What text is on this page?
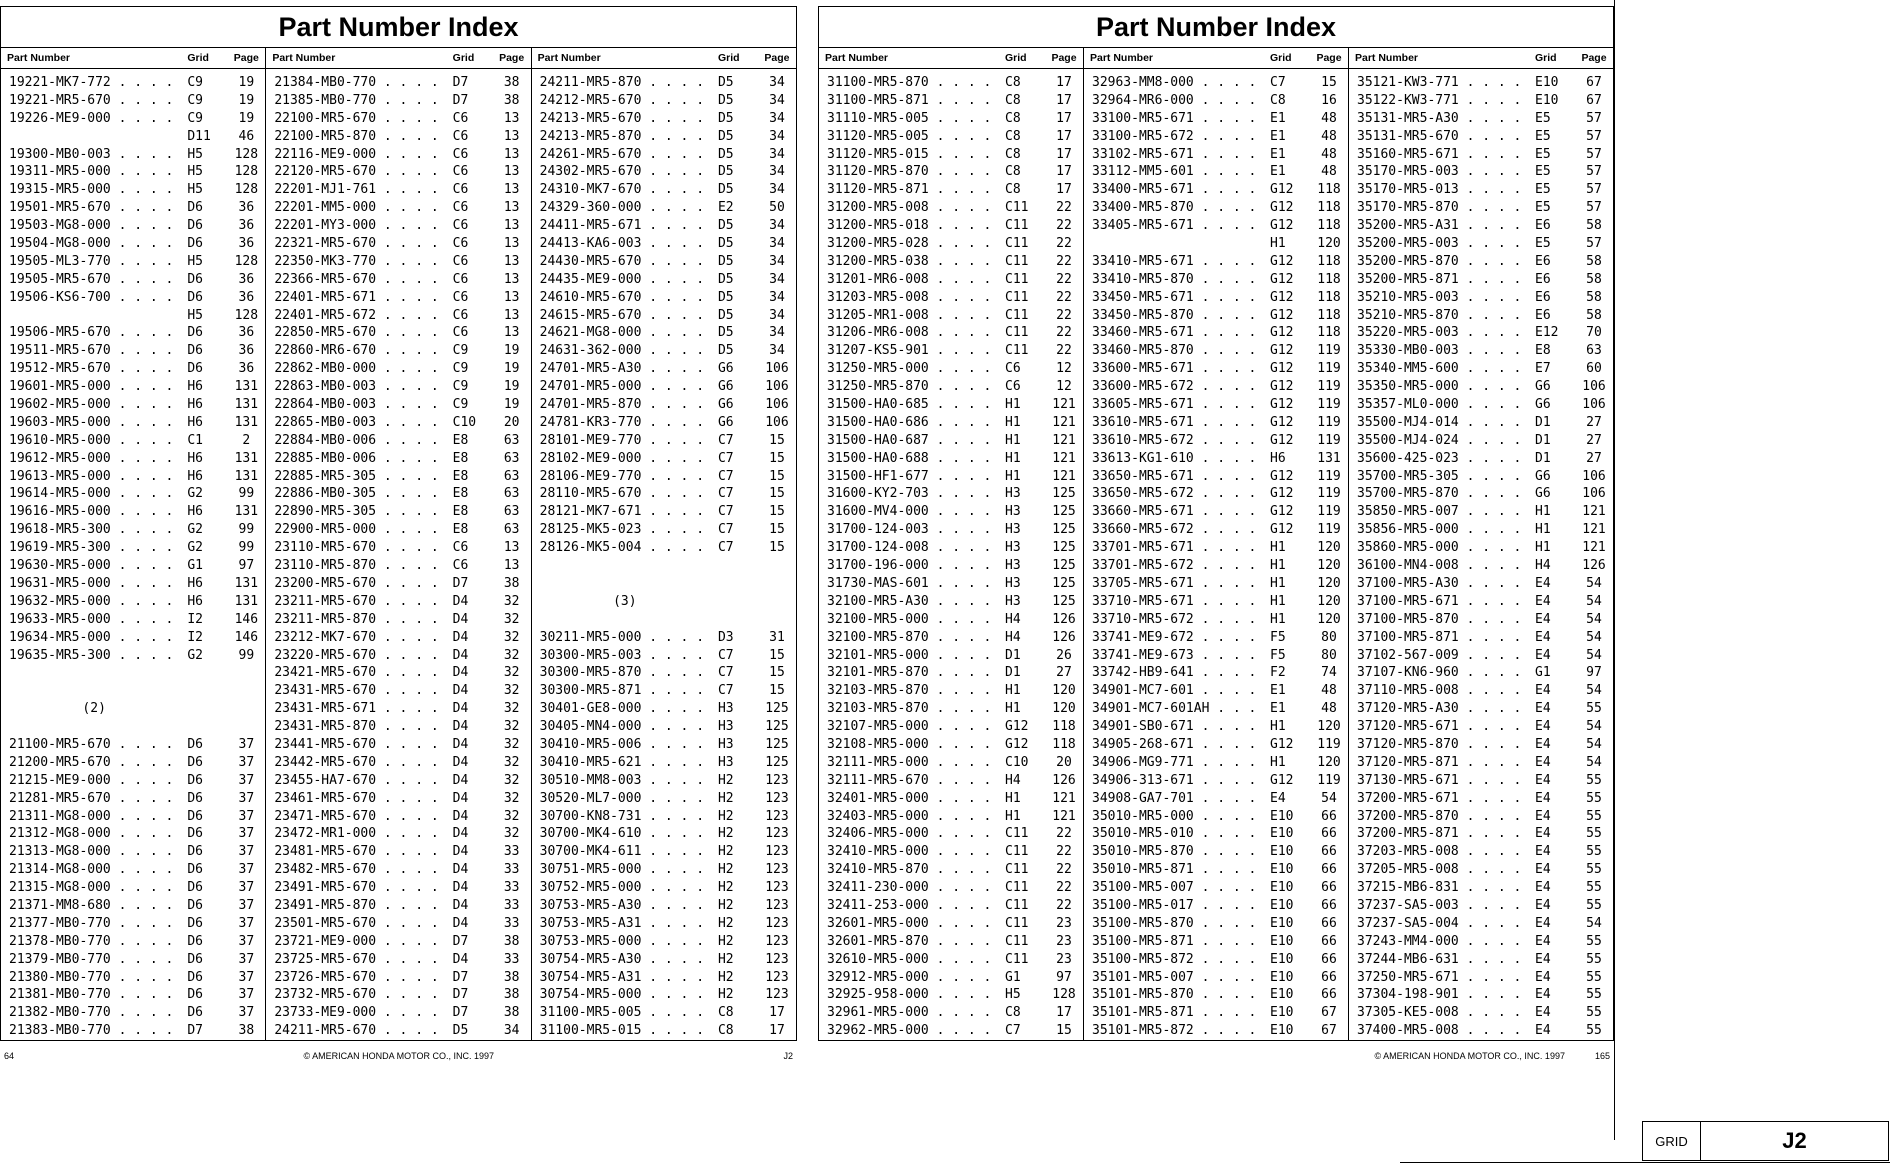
Part Number Index
Part Number	Grid	Page
19221-MK7-772 . . . .	C9	19
19221-MR5-670 . . . .	C9	19
19226-ME9-000 . . . .	C9	19
D11	46
19300-MB0-003 . . . .	H5	128
19311-MR5-000 . . . .	H5	128
19315-MR5-000 . . . .	H5	128
19501-MR5-670 . . . .	D6	36
19503-MG8-000 . . . .	D6	36
19504-MG8-000 . . . .	D6	36
19505-ML3-770 . . . .	H5	128
19505-MR5-670 . . . .	D6	36
19506-KS6-700 . . . .	D6	36
H5	128
19506-MR5-670 . . . .	D6	36
19511-MR5-670 . . . .	D6	36
19512-MR5-670 . . . .	D6	36
19601-MR5-000 . . . .	H6	131
19602-MR5-000 . . . .	H6	131
19603-MR5-000 . . . .	H6	131
19610-MR5-000 . . . .	C1	2
19612-MR5-000 . . . .	H6	131
19613-MR5-000 . . . .	H6	131
19614-MR5-000 . . . .	G2	99
19616-MR5-000 . . . .	H6	131
19618-MR5-300 . . . .	G2	99
19619-MR5-300 . . . .	G2	99
19630-MR5-000 . . . .	G1	97
19631-MR5-000 . . . .	H6	131
19632-MR5-000 . . . .	H6	131
19633-MR5-000 . . . .	I2	146
19634-MR5-000 . . . .	I2	146
19635-MR5-300 . . . .	G2	99
(2)
21100-MR5-670 . . . .	D6	37
21200-MR5-670 . . . .	D6	37
21215-ME9-000 . . . .	D6	37
21281-MR5-670 . . . .	D6	37
21311-MG8-000 . . . .	D6	37
21312-MG8-000 . . . .	D6	37
21313-MG8-000 . . . .	D6	37
21314-MG8-000 . . . .	D6	37
21315-MG8-000 . . . .	D6	37
21371-MM8-680 . . . .	D6	37
21377-MB0-770 . . . .	D6	37
21378-MB0-770 . . . .	D6	37
21379-MB0-770 . . . .	D6	37
21380-MB0-770 . . . .	D6	37
21381-MB0-770 . . . .	D6	37
21382-MB0-770 . . . .	D6	37
21383-MB0-770 . . . .	D7	38
Part Number	Grid	Page
21384-MB0-770 . . . .	D7	38
21385-MB0-770 . . . .	D7	38
22100-MR5-670 . . . .	C6	13
22100-MR5-870 . . . .	C6	13
22116-ME9-000 . . . .	C6	13
22120-MR5-670 . . . .	C6	13
22201-MJ1-761 . . . .	C6	13
22201-MM5-000 . . . .	C6	13
22201-MY3-000 . . . .	C6	13
22321-MR5-670 . . . .	C6	13
22350-MK3-770 . . . .	C6	13
22366-MR5-670 . . . .	C6	13
22401-MR5-671 . . . .	C6	13
22401-MR5-672 . . . .	C6	13
22850-MR5-670 . . . .	C6	13
22860-MR6-670 . . . .	C9	19
22862-MB0-000 . . . .	C9	19
22863-MB0-003 . . . .	C9	19
22864-MB0-003 . . . .	C9	19
22865-MB0-003 . . . .	C10	20
22884-MB0-006 . . . .	E8	63
22885-MB0-006 . . . .	E8	63
22885-MR5-305 . . . .	E8	63
22886-MB0-305 . . . .	E8	63
22890-MR5-305 . . . .	E8	63
22900-MR5-000 . . . .	E8	63
23110-MR5-670 . . . .	C6	13
23110-MR5-870 . . . .	C6	13
23200-MR5-670 . . . .	D7	38
23211-MR5-670 . . . .	D4	32
23211-MR5-870 . . . .	D4	32
23212-MK7-670 . . . .	D4	32
23220-MR5-670 . . . .	D4	32
23421-MR5-670 . . . .	D4	32
23431-MR5-670 . . . .	D4	32
23431-MR5-671 . . . .	D4	32
23431-MR5-870 . . . .	D4	32
23441-MR5-670 . . . .	D4	32
23442-MR5-670 . . . .	D4	32
23455-HA7-670 . . . .	D4	32
23461-MR5-670 . . . .	D4	32
23471-MR5-670 . . . .	D4	32
23472-MR1-000 . . . .	D4	32
23481-MR5-670 . . . .	D4	33
23482-MR5-670 . . . .	D4	33
23491-MR5-670 . . . .	D4	33
23491-MR5-870 . . . .	D4	33
23501-MR5-670 . . . .	D4	33
23721-ME9-000 . . . .	D7	38
23725-MR5-670 . . . .	D4	33
23726-MR5-670 . . . .	D7	38
23732-MR5-670 . . . .	D7	38
23733-ME9-000 . . . .	D7	38
24211-MR5-670 . . . .	D5	34
Part Number	Grid	Page
24211-MR5-870 . . . .	D5	34
24212-MR5-670 . . . .	D5	34
24213-MR5-670 . . . .	D5	34
24213-MR5-870 . . . .	D5	34
24261-MR5-670 . . . .	D5	34
24302-MR5-670 . . . .	D5	34
24310-MK7-670 . . . .	D5	34
24329-360-000 . . . .	E2	50
24411-MR5-671 . . . .	D5	34
24413-KA6-003 . . . .	D5	34
24430-MR5-670 . . . .	D5	34
24435-ME9-000 . . . .	D5	34
24610-MR5-670 . . . .	D5	34
24615-MR5-670 . . . .	D5	34
24621-MG8-000 . . . .	D5	34
24631-362-000 . . . .	D5	34
24701-MR5-A30 . . . .	G6	106
24701-MR5-000 . . . .	G6	106
24701-MR5-870 . . . .	G6	106
24781-KR3-770 . . . .	G6	106
28101-ME9-770 . . . .	C7	15
28102-ME9-000 . . . .	C7	15
28106-ME9-770 . . . .	C7	15
28110-MR5-670 . . . .	C7	15
28121-MK7-671 . . . .	C7	15
28125-MK5-023 . . . .	C7	15
28126-MK5-004 . . . .	C7	15
(3)
30211-MR5-000 . . . .	D3	31
30300-MR5-003 . . . .	C7	15
30300-MR5-870 . . . .	C7	15
30300-MR5-871 . . . .	C7	15
30401-GE8-000 . . . .	H3	125
30405-MN4-000 . . . .	H3	125
30410-MR5-006 . . . .	H3	125
30410-MR5-621 . . . .	H3	125
30510-MM8-003 . . . .	H2	123
30520-ML7-000 . . . .	H2	123
30700-KN8-731 . . . .	H2	123
30700-MK4-610 . . . .	H2	123
30700-MK4-611 . . . .	H2	123
30751-MR5-000 . . . .	H2	123
30752-MR5-000 . . . .	H2	123
30753-MR5-A30 . . . .	H2	123
30753-MR5-A31 . . . .	H2	123
30753-MR5-000 . . . .	H2	123
30754-MR5-A30 . . . .	H2	123
30754-MR5-A31 . . . .	H2	123
30754-MR5-000 . . . .	H2	123
31100-MR5-005 . . . .	C8	17
31100-MR5-015 . . . .	C8	17
64	© AMERICAN HONDA MOTOR CO., INC. 1997	J2
Part Number Index
Part Number	Grid	Page
31100-MR5-870 . . . .	C8	17
31100-MR5-871 . . . .	C8	17
31110-MR5-005 . . . .	C8	17
31120-MR5-005 . . . .	C8	17
31120-MR5-015 . . . .	C8	17
31120-MR5-870 . . . .	C8	17
31120-MR5-871 . . . .	C8	17
31200-MR5-008 . . . .	C11	22
31200-MR5-018 . . . .	C11	22
31200-MR5-028 . . . .	C11	22
31200-MR5-038 . . . .	C11	22
31201-MR6-008 . . . .	C11	22
31203-MR5-008 . . . .	C11	22
31205-MR1-008 . . . .	C11	22
31206-MR6-008 . . . .	C11	22
31207-KS5-901 . . . .	C11	22
31250-MR5-000 . . . .	C6	12
31250-MR5-870 . . . .	C6	12
31500-HA0-685 . . . .	H1	121
31500-HA0-686 . . . .	H1	121
31500-HA0-687 . . . .	H1	121
31500-HA0-688 . . . .	H1	121
31500-HF1-677 . . . .	H1	121
31600-KY2-703 . . . .	H3	125
31600-MV4-000 . . . .	H3	125
31700-124-003 . . . .	H3	125
31700-124-008 . . . .	H3	125
31700-196-000 . . . .	H3	125
31730-MAS-601 . . . .	H3	125
32100-MR5-A30 . . . .	H3	125
32100-MR5-000 . . . .	H4	126
32100-MR5-870 . . . .	H4	126
32101-MR5-000 . . . .	D1	26
32101-MR5-870 . . . .	D1	27
32103-MR5-870 . . . .	H1	120
32103-MR5-870 . . . .	H1	120
32107-MR5-000 . . . .	G12	118
32108-MR5-000 . . . .	G12	118
32111-MR5-000 . . . .	C10	20
32111-MR5-670 . . . .	H4	126
32401-MR5-000 . . . .	H1	121
32403-MR5-000 . . . .	H1	121
32406-MR5-000 . . . .	C11	22
32410-MR5-000 . . . .	C11	22
32410-MR5-870 . . . .	C11	22
32411-230-000 . . . .	C11	22
32411-253-000 . . . .	C11	22
32601-MR5-000 . . . .	C11	23
32601-MR5-870 . . . .	C11	23
32610-MR5-000 . . . .	C11	23
32912-MR5-000 . . . .	G1	97
32925-958-000 . . . .	H5	128
32961-MR5-000 . . . .	C8	17
32962-MR5-000 . . . .	C7	15
Part Number	Grid	Page
32963-MM8-000 . . . .	C7	15
32964-MR6-000 . . . .	C8	16
33100-MR5-671 . . . .	E1	48
33100-MR5-672 . . . .	E1	48
33102-MR5-671 . . . .	E1	48
33112-MM5-601 . . . .	E1	48
33400-MR5-671 . . . .	G12	118
33400-MR5-870 . . . .	G12	118
33405-MR5-671 . . . .	G12	118
H1	120
33410-MR5-671 . . . .	G12	118
33410-MR5-870 . . . .	G12	118
33450-MR5-671 . . . .	G12	118
33450-MR5-870 . . . .	G12	118
33460-MR5-671 . . . .	G12	118
33460-MR5-870 . . . .	G12	119
33600-MR5-671 . . . .	G12	119
33600-MR5-672 . . . .	G12	119
33605-MR5-671 . . . .	G12	119
33610-MR5-671 . . . .	G12	119
33610-MR5-672 . . . .	G12	119
33613-KG1-610 . . . .	H6	131
33650-MR5-671 . . . .	G12	119
33650-MR5-672 . . . .	G12	119
33660-MR5-671 . . . .	G12	119
33660-MR5-672 . . . .	G12	119
33701-MR5-671 . . . .	H1	120
33701-MR5-672 . . . .	H1	120
33705-MR5-671 . . . .	H1	120
33710-MR5-671 . . . .	H1	120
33710-MR5-672 . . . .	H1	120
33741-ME9-672 . . . .	F5	80
33741-ME9-673 . . . .	F5	80
33742-HB9-641 . . . .	F2	74
34901-MC7-601 . . . .	E1	48
34901-MC7-601AH . . .	E1	48
34901-SB0-671 . . . .	H1	120
34905-268-671 . . . .	G12	119
34906-MG9-771 . . . .	H1	120
34906-313-671 . . . .	G12	119
34908-GA7-701 . . . .	E4	54
35010-MR5-000 . . . .	E10	66
35010-MR5-010 . . . .	E10	66
35010-MR5-870 . . . .	E10	66
35010-MR5-871 . . . .	E10	66
35100-MR5-007 . . . .	E10	66
35100-MR5-017 . . . .	E10	66
35100-MR5-870 . . . .	E10	66
35100-MR5-871 . . . .	E10	66
35100-MR5-872 . . . .	E10	66
35101-MR5-007 . . . .	E10	66
35101-MR5-870 . . . .	E10	66
35101-MR5-871 . . . .	E10	67
35101-MR5-872 . . . .	E10	67
Part Number	Grid	Page
35121-KW3-771 . . . .	E10	67
35122-KW3-771 . . . .	E10	67
35131-MR5-A30 . . . .	E5	57
35131-MR5-670 . . . .	E5	57
35160-MR5-671 . . . .	E5	57
35170-MR5-003 . . . .	E5	57
35170-MR5-013 . . . .	E5	57
35170-MR5-870 . . . .	E5	57
35200-MR5-A31 . . . .	E6	58
35200-MR5-003 . . . .	E5	57
35200-MR5-870 . . . .	E6	58
35200-MR5-871 . . . .	E6	58
35210-MR5-003 . . . .	E6	58
35210-MR5-870 . . . .	E6	58
35220-MR5-003 . . . .	E12	70
35330-MB0-003 . . . .	E8	63
35340-MM5-600 . . . .	E7	60
35350-MR5-000 . . . .	G6	106
35357-ML0-000 . . . .	G6	106
35500-MJ4-014 . . . .	D1	27
35500-MJ4-024 . . . .	D1	27
35600-425-023 . . . .	D1	27
35700-MR5-305 . . . .	G6	106
35700-MR5-870 . . . .	G6	106
35850-MR5-007 . . . .	H1	121
35856-MR5-000 . . . .	H1	121
35860-MR5-000 . . . .	H1	121
36100-MN4-008 . . . .	H4	126
37100-MR5-A30 . . . .	E4	54
37100-MR5-671 . . . .	E4	54
37100-MR5-870 . . . .	E4	54
37100-MR5-871 . . . .	E4	54
37102-567-009 . . . .	E4	54
37107-KN6-960 . . . .	G1	97
37110-MR5-008 . . . .	E4	54
37120-MR5-A30 . . . .	E4	55
37120-MR5-671 . . . .	E4	54
37120-MR5-870 . . . .	E4	54
37120-MR5-871 . . . .	E4	54
37130-MR5-671 . . . .	E4	55
37200-MR5-671 . . . .	E4	55
37200-MR5-870 . . . .	E4	55
37200-MR5-871 . . . .	E4	55
37203-MR5-008 . . . .	E4	55
37205-MR5-008 . . . .	E4	55
37215-MB6-831 . . . .	E4	55
37237-SA5-003 . . . .	E4	55
37237-SA5-004 . . . .	E4	54
37243-MM4-000 . . . .	E4	55
37244-MB6-631 . . . .	E4	55
37250-MR5-671 . . . .	E4	55
37304-198-901 . . . .	E4	55
37305-KE5-008 . . . .	E4	55
37400-MR5-008 . . . .	E4	55
© AMERICAN HONDA MOTOR CO., INC. 1997	165
GRID	J2
